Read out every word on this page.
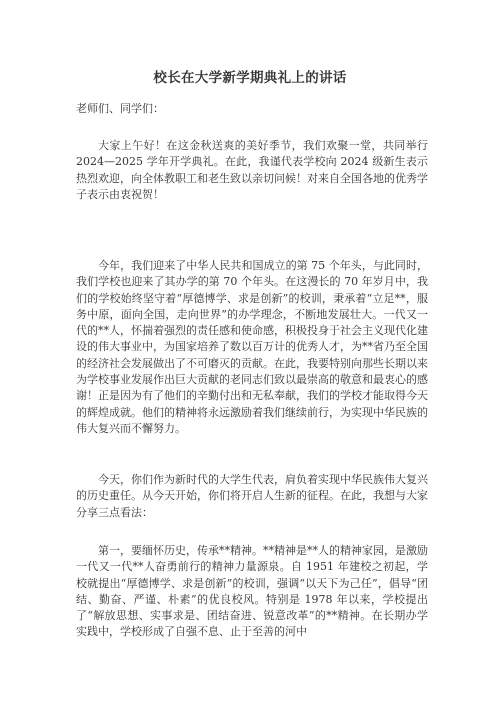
校长在大学新学期典礼上的讲话

老师们、同学们：

大家上午好！在这金秋送爽的美好季节，我们欢聚一堂，共同举行 2024—2025 学年开学典礼。在此，我谨代表学校向 2024 级新生表示热烈欢迎，向全体教职工和老生致以亲切问候！对来自全国各地的优秀学子表示由衷祝贺！

今年，我们迎来了中华人民共和国成立的第 75 个年头，与此同时，我们学校也迎来了其办学的第 70 个年头。在这漫长的 70 年岁月中，我们的学校始终坚守着“厚德博学、求是创新”的校训，秉承着“立足**，服务中原，面向全国，走向世界”的办学理念，不断地发展壮大。一代又一代的**人，怀揣着强烈的责任感和使命感，积极投身于社会主义现代化建设的伟大事业中，为国家培养了数以百万计的优秀人才，为**省乃至全国的经济社会发展做出了不可磨灭的贡献。在此，我要特别向那些长期以来为学校事业发展作出巨大贡献的老同志们致以最崇高的敬意和最衷心的感谢！正是因为有了他们的辛勤付出和无私奉献，我们的学校才能取得今天的辉煌成就。他们的精神将永远激励着我们继续前行，为实现中华民族的伟大复兴而不懈努力。

今天，你们作为新时代的大学生代表，肩负着实现中华民族伟大复兴的历史重任。从今天开始，你们将开启人生新的征程。在此，我想与大家分享三点看法：

第一，要缅怀历史，传承**精神。**精神是**人的精神家园，是激励一代又一代**人奋勇前行的精神力量源泉。自 1951 年建校之初起，学校就提出“厚德博学、求是创新”的校训，强调“以天下为己任”，倡导“团结、勤奋、严谨、朴素”的优良校风。特别是 1978 年以来，学校提出了“解放思想、实事求是、团结奋进、锐意改革”的**精神。在长期办学实践中，学校形成了自强不息、止于至善的河中
